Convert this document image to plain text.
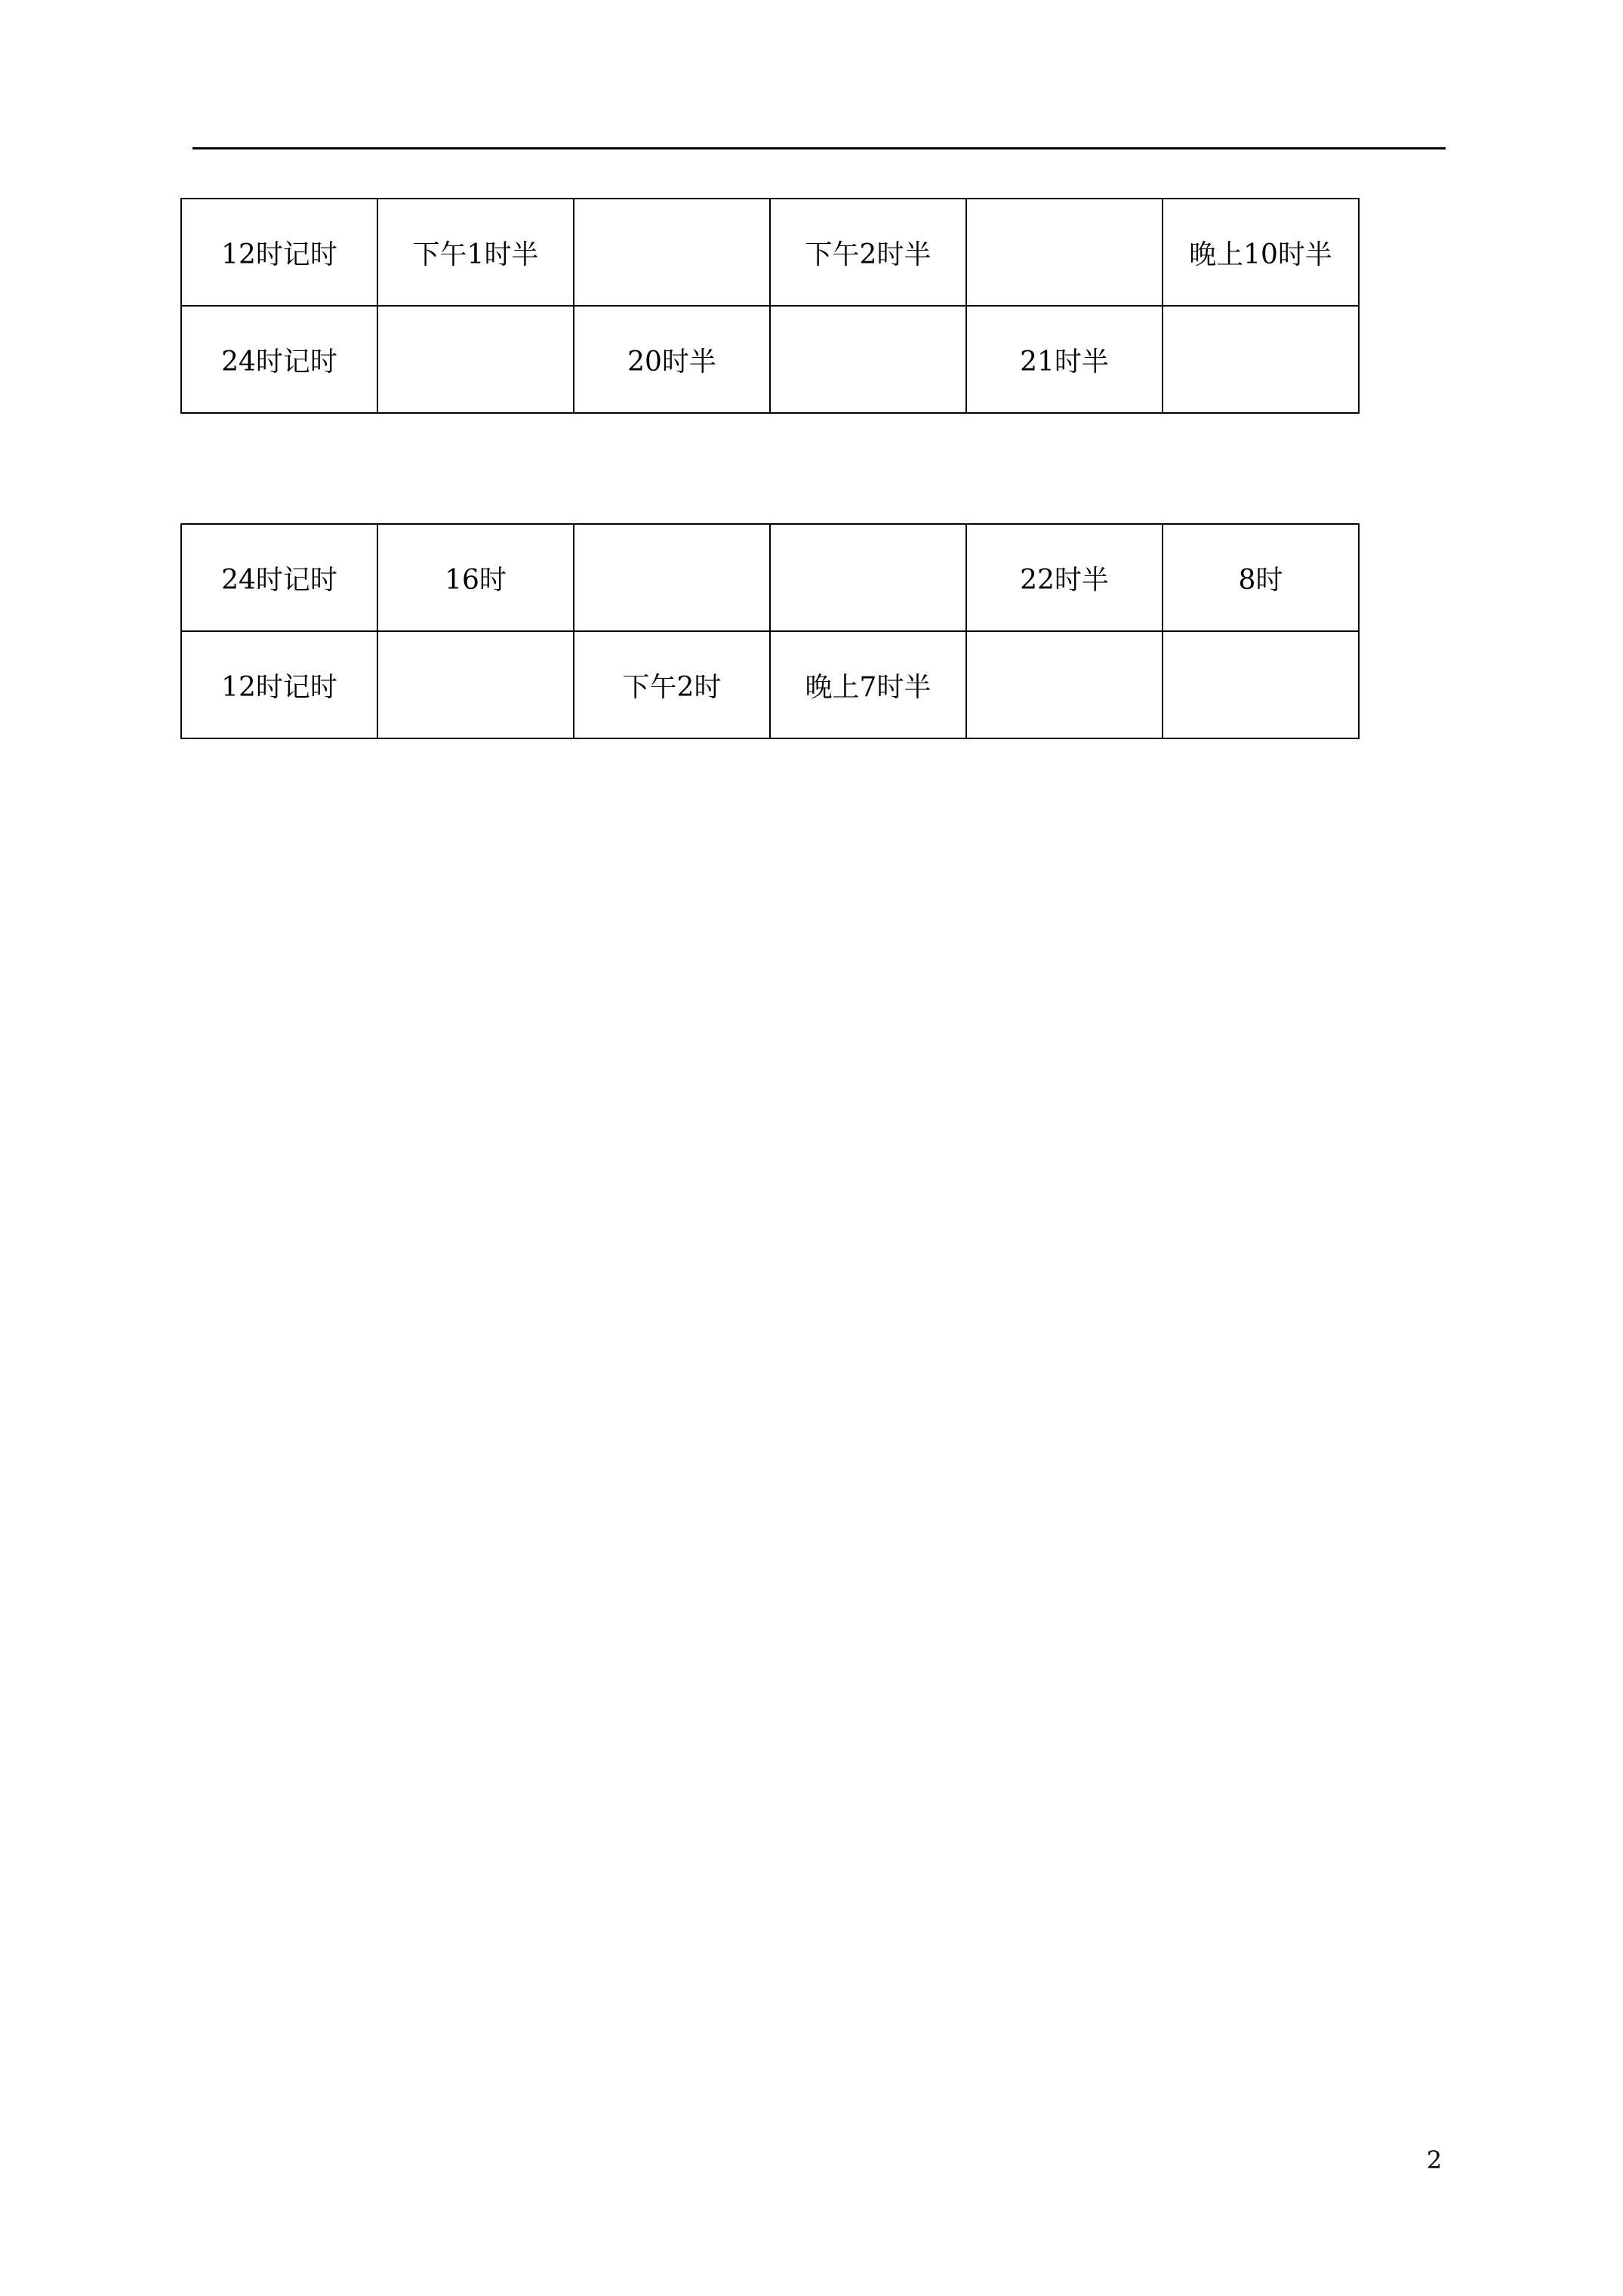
12时记时	下午1时半		下午2时半		晚上10时半
24时记时		20时半		21时半	
24时记时	16时			22时半	8时
12时记时		下午2时	晚上7时半		
2
